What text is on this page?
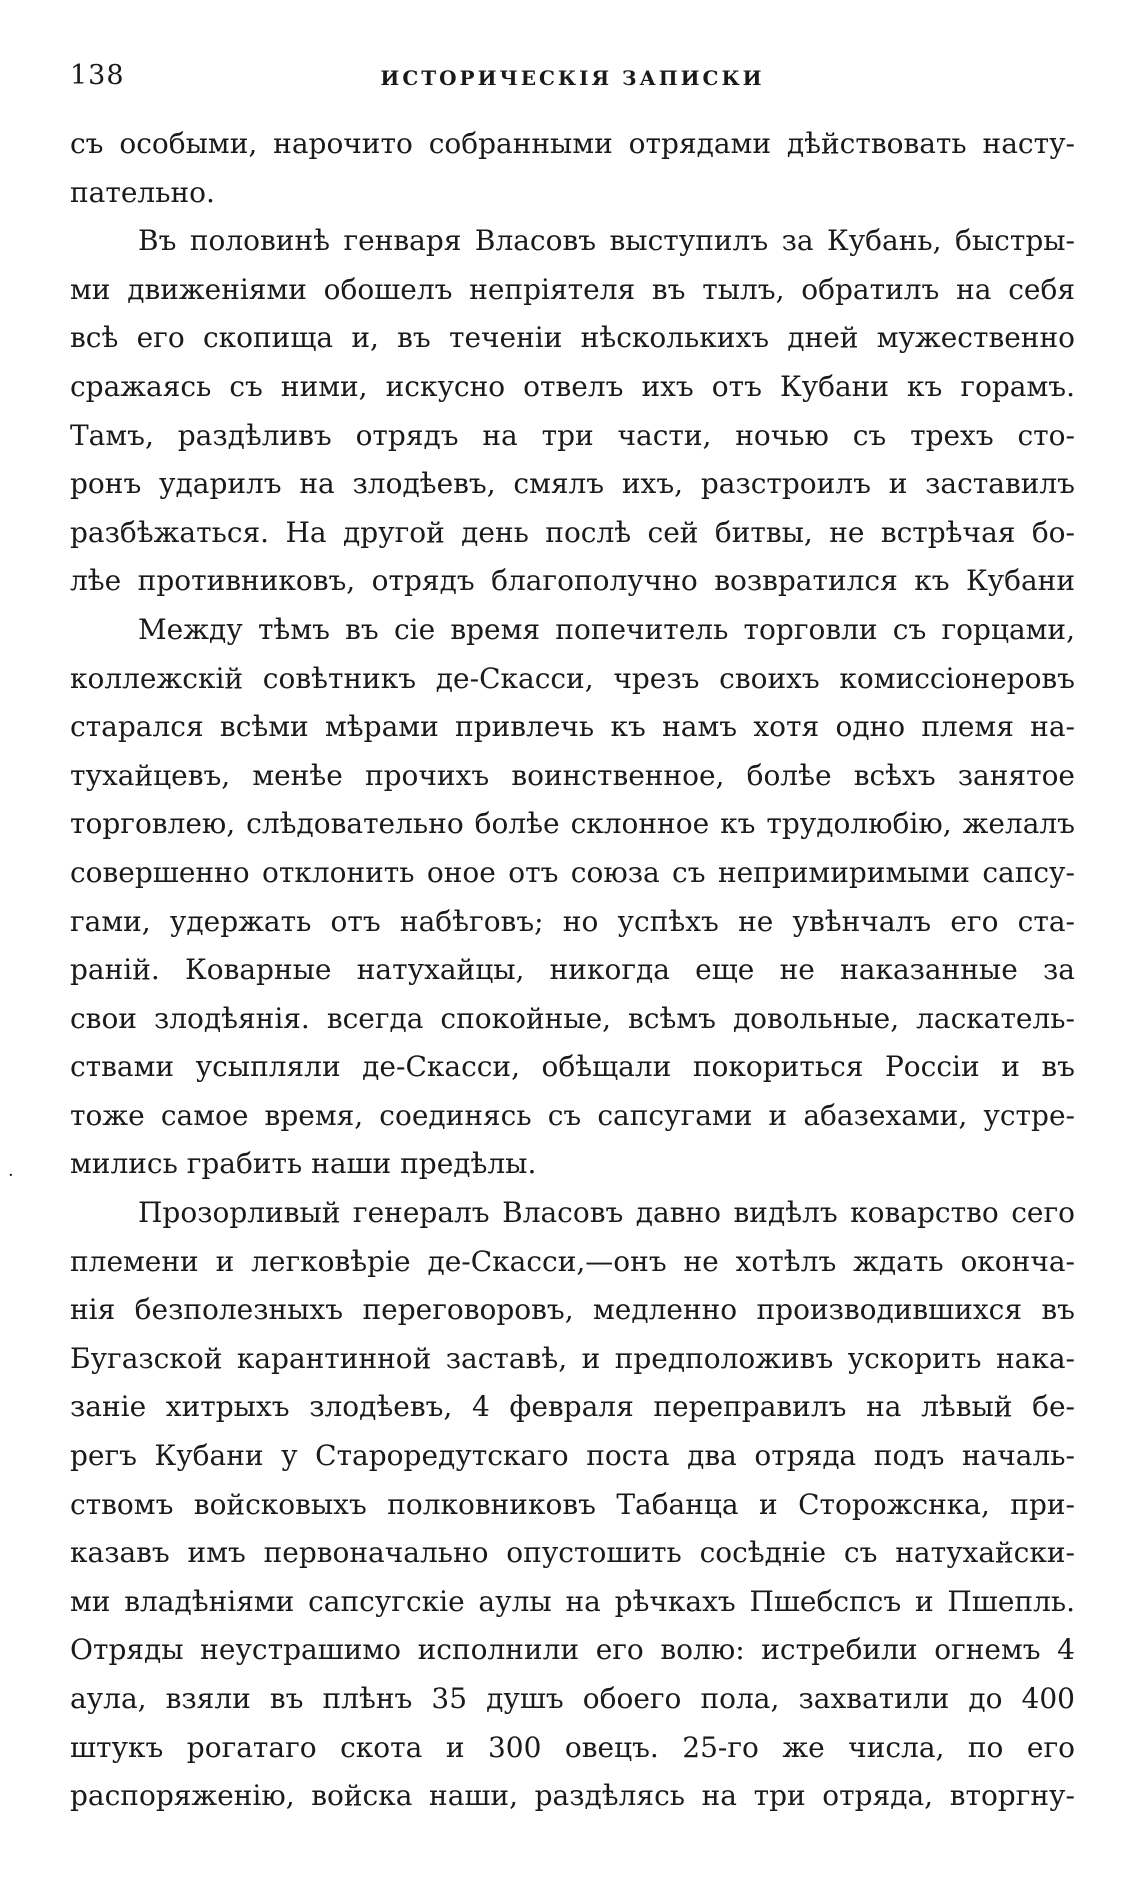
138	ИСТОРИЧЕСКІЯ ЗАПИСКИ
съ особыми, нарочито собранными отрядами дѣйствовать насту-
пательно.
Въ половинѣ генваря Власовъ выступилъ за Кубань, быстры-
ми движеніями обошелъ непріятеля въ тылъ, обратилъ на себя
всѣ его скопища и, въ теченіи нѣсколькихъ дней мужественно
сражаясь съ ними, искусно отвелъ ихъ отъ Кубани къ горамъ.
Тамъ, раздѣливъ отрядъ на три части, ночью съ трехъ сто-
ронъ ударилъ на злодѣевъ, смялъ ихъ, разстроилъ и заставилъ
разбѣжаться. На другой день послѣ сей битвы, не встрѣчая бо-
лѣе противниковъ, отрядъ благополучно возвратился къ Кубани
Между тѣмъ въ сіе время попечитель торговли съ горцами,
коллежскій совѣтникъ де-Скасси, чрезъ своихъ комиссіонеровъ
старался всѣми мѣрами привлечь къ намъ хотя одно племя на-
тухайцевъ, менѣе прочихъ воинственное, болѣе всѣхъ занятое
торговлею, слѣдовательно болѣе склонное къ трудолюбію, желалъ
совершенно отклонить оное отъ союза съ непримиримыми сапсу-
гами, удержать отъ набѣговъ; но успѣхъ не увѣнчалъ его ста-
раній. Коварные натухайцы, никогда еще не наказанные за
свои злодѣянія. всегда спокойные, всѣмъ довольные, ласкатель-
ствами усыпляли де-Скасси, обѣщали покориться Россіи и въ
тоже самое время, соединясь съ сапсугами и абазехами, устре-
мились грабить наши предѣлы.
Прозорливый генералъ Власовъ давно видѣлъ коварство сего
племени и легковѣріе де-Скасси,—онъ не хотѣлъ ждать оконча-
нія безполезныхъ переговоровъ, медленно производившихся въ
Бугазской карантинной заставѣ, и предположивъ ускорить нака-
заніе хитрыхъ злодѣевъ, 4 февраля переправилъ на лѣвый бе-
регъ Кубани у Староредутскаго поста два отряда подъ началь-
ствомъ войсковыхъ полковниковъ Табанца и Сторожснка, при-
казавъ имъ первоначально опустошить сосѣдніе съ натухайски-
ми владѣніями сапсугскіе аулы на рѣчкахъ Пшебспсъ и Пшепль.
Отряды неустрашимо исполнили его волю: истребили огнемъ 4
аула, взяли въ плѣнъ 35 душъ обоего пола, захватили до 400
штукъ рогатаго скота и 300 овецъ. 25-го же числа, по его
распоряженію, войска наши, раздѣлясь на три отряда, вторгну-
·
